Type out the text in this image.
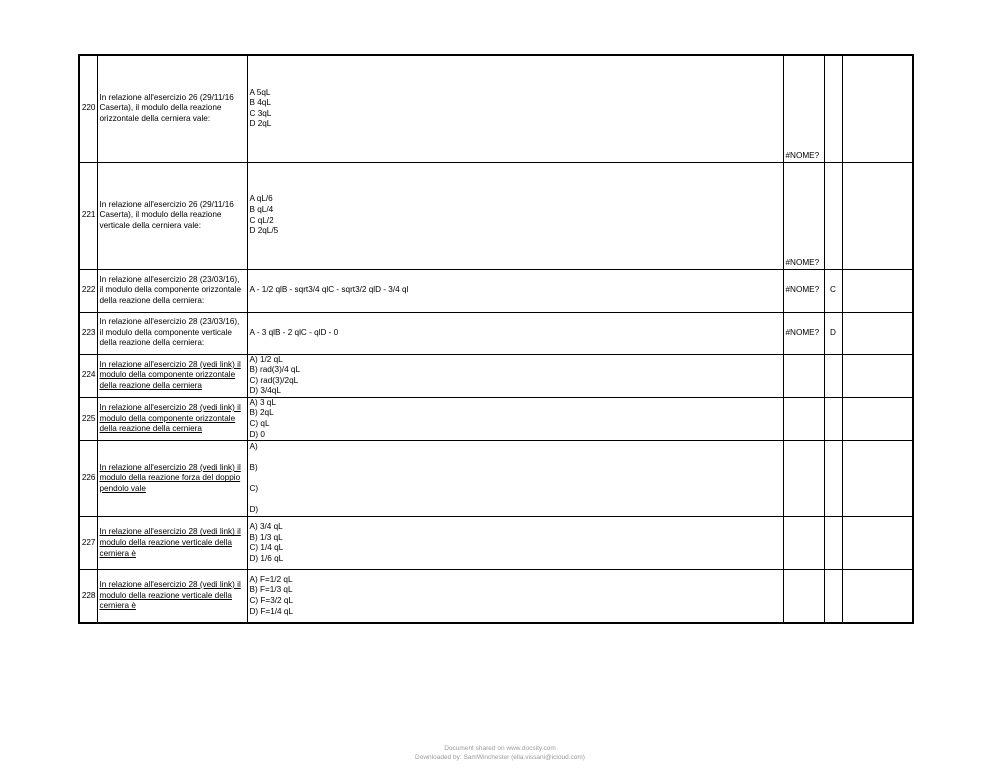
220	In relazione all'esercizio 26 (29/11/16 Caserta), il modulo della reazione orizzontale della cerniera vale:	A 5qL
B 4qL
C 3qL
D 2qL	#NOME?		
221	In relazione all'esercizio 26 (29/11/16 Caserta), il modulo della reazione verticale della cerniera vale:	A qL/6
B qL/4
C qL/2
D 2qL/5	#NOME?		
222	In relazione all'esercizio 28 (23/03/16), il modulo della componente orizzontale della reazione della cerniera:	A - 1/2 qlB - sqrt3/4 qlC - sqrt3/2 qlD - 3/4 ql	#NOME?	C	
223	In relazione all'esercizio 28 (23/03/16), il modulo della componente verticale della reazione della cerniera:	A - 3 qlB - 2 qlC - qlD - 0	#NOME?	D	
224	In relazione all'esercizio 28 (vedi link) il modulo della componente orizzontale della reazione della cerniera	A) 1/2 qL
B) rad(3)/4 qL
C) rad(3)/2qL
D) 3/4qL			

225	In relazione all'esercizio 28 (vedi link) il modulo della componente orizzontale della reazione della cerniera	A) 3 qL
B) 2qL
C) qL
D) 0			

226	In relazione all'esercizio 28 (vedi link) il modulo della reazione forza del doppio pendolo vale	A)
B)
C)
D)			

227	In relazione all'esercizio 28 (vedi link) il modulo della reazione verticale della cerniera è	A) 3/4 qL
B) 1/3 qL
C) 1/4 qL
D) 1/6 qL			

228	In relazione all'esercizio 28 (vedi link) il modulo della reazione verticale della cerniera è	A) F=1/2 qL
B) F=1/3 qL
C) F=3/2 qL
D) F=1/4 qL			

Document shared on www.docsity.com
Downloaded by: SamWinchester (ella.vissani@icloud.com)
